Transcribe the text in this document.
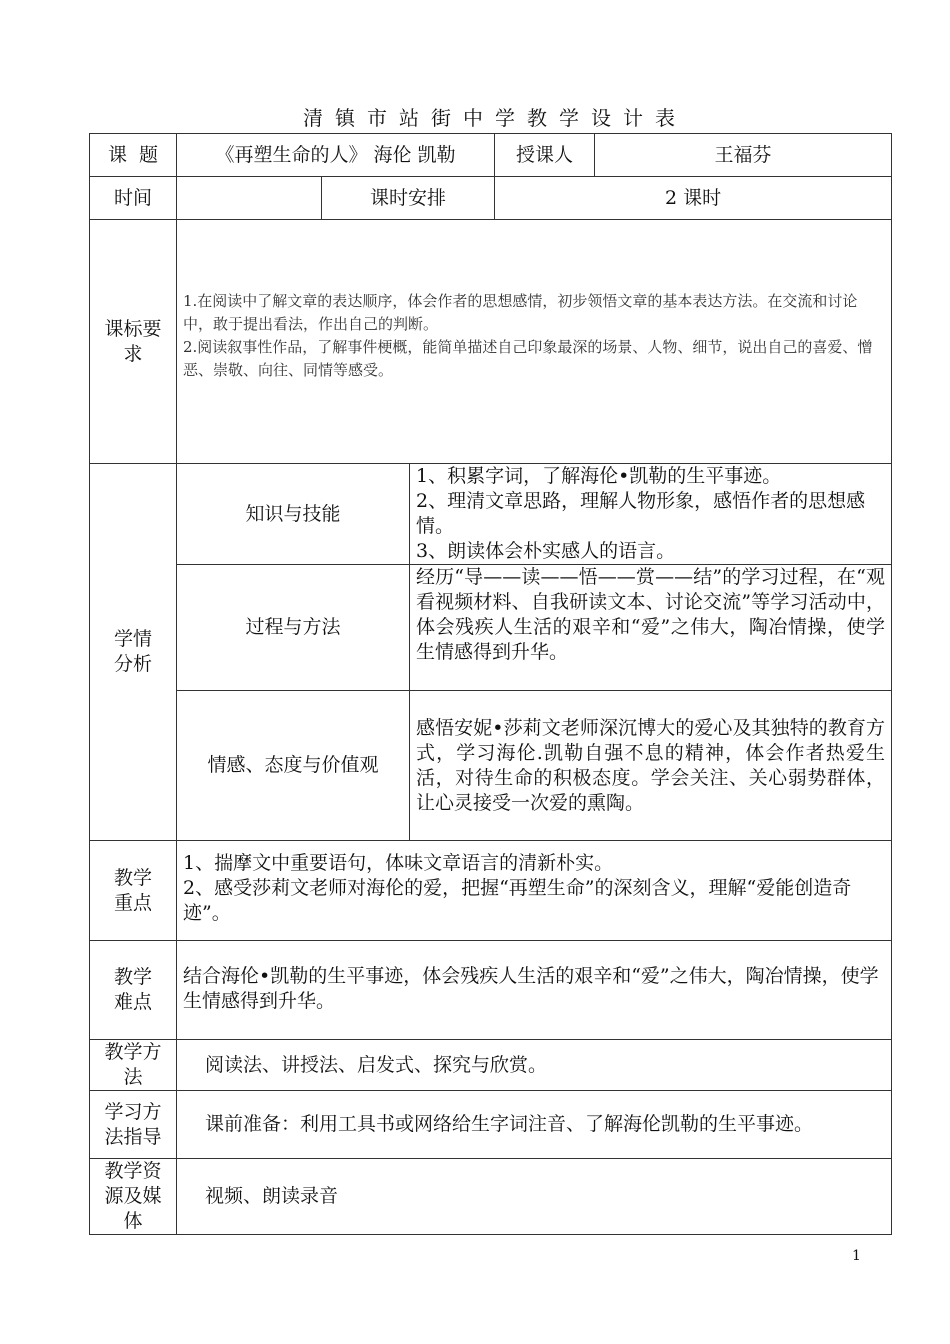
清镇市站街中学教学设计表
课  题	《再塑生命的人》 海伦 凯勒			授课人	王福芬
时间		课时安排		2 课时	
课标要求	1.在阅读中了解文章的表达顺序，体会作者的思想感情，初步领悟文章的基本表达方法。在交流和讨论中，敢于提出看法，作出自己的判断。
2.阅读叙事性作品，了解事件梗概，能简单描述自己印象最深的场景、人物、细节，说出自己的喜爱、憎恶、崇敬、向往、同情等感受。				

学情分析	知识与技能		1、积累字词，了解海伦•凯勒的生平事迹。
2、理清文章思路，理解人物形象，感悟作者的思想感情。
3、朗读体会朴实感人的语言。		

	过程与方法		经历“导——读——悟——赏——结”的学习过程，在“观看视频材料、自我研读文本、讨论交流”等学习活动中，体会残疾人生活的艰辛和“爱”之伟大，陶冶情操，使学生情感得到升华。		

	情感、态度与价值观		感悟安妮•莎莉文老师深沉博大的爱心及其独特的教育方式，学习海伦.凯勒自强不息的精神，体会作者热爱生活，对待生命的积极态度。学会关注、关心弱势群体，让心灵接受一次爱的熏陶。		

教学重点	1、揣摩文中重要语句，体味文章语言的清新朴实。
2、感受莎莉文老师对海伦的爱，把握“再塑生命”的深刻含义，理解“爱能创造奇迹”。				

教学难点	结合海伦•凯勒的生平事迹，体会残疾人生活的艰辛和“爱”之伟大，陶冶情操，使学生情感得到升华。				
教学方法	阅读法、讲授法、启发式、探究与欣赏。				
学习方法指导	课前准备：利用工具书或网络给生字词注音、了解海伦凯勒的生平事迹。				
教学资源及媒体	视频、朗读录音				
1
